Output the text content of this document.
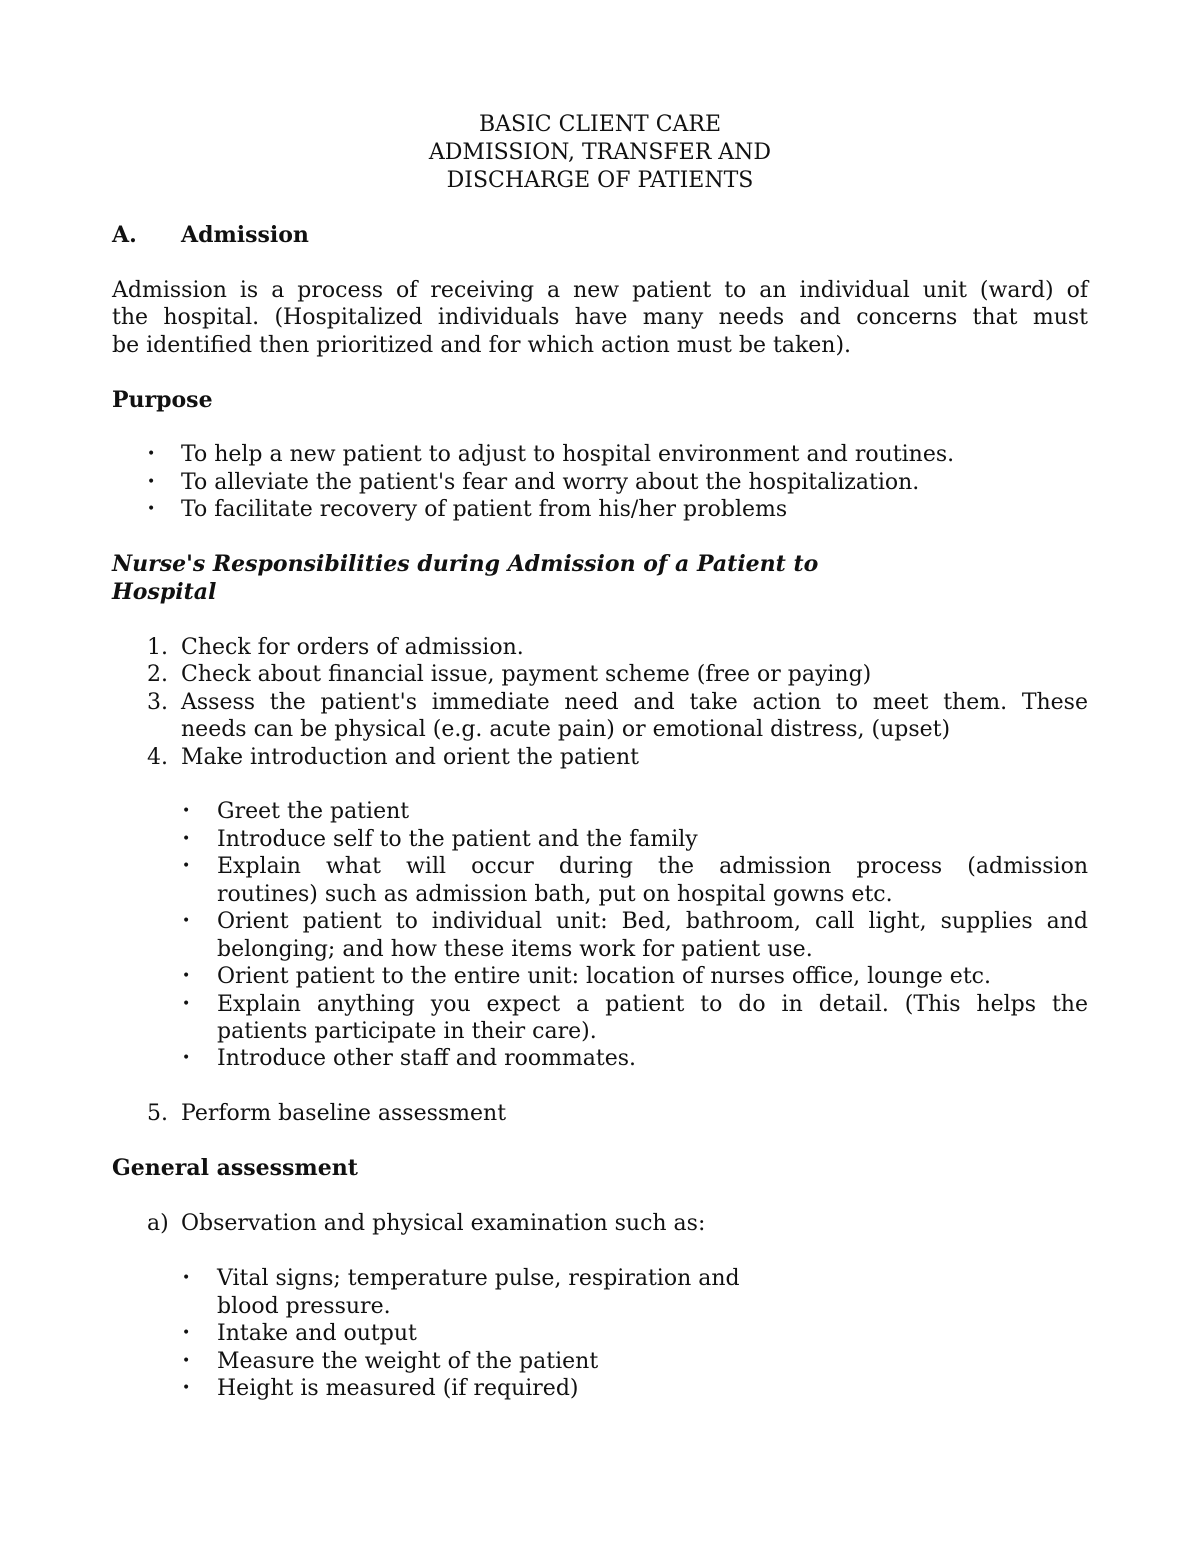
BASIC CLIENT CARE
ADMISSION, TRANSFER AND
DISCHARGE OF PATIENTS
A. Admission
Admission is a process of receiving a new patient to an individual unit (ward) of
the hospital. (Hospitalized individuals have many needs and concerns that must
be identified then prioritized and for which action must be taken).
Purpose
• To help a new patient to adjust to hospital environment and routines.
• To alleviate the patient's fear and worry about the hospitalization.
• To facilitate recovery of patient from his/her problems
Nurse's Responsibilities during Admission of a Patient to
Hospital
1. Check for orders of admission.
2. Check about financial issue, payment scheme (free or paying)
3. Assess the patient's immediate need and take action to meet them. These
needs can be physical (e.g. acute pain) or emotional distress, (upset)
4. Make introduction and orient the patient
• Greet the patient
• Introduce self to the patient and the family
• Explain what will occur during the admission process (admission
routines) such as admission bath, put on hospital gowns etc.
• Orient patient to individual unit: Bed, bathroom, call light, supplies and
belonging; and how these items work for patient use.
• Orient patient to the entire unit: location of nurses office, lounge etc.
• Explain anything you expect a patient to do in detail. (This helps the
patients participate in their care).
• Introduce other staff and roommates.
5. Perform baseline assessment
General assessment
a) Observation and physical examination such as:
• Vital signs; temperature pulse, respiration and
blood pressure.
• Intake and output
• Measure the weight of the patient
• Height is measured (if required)
